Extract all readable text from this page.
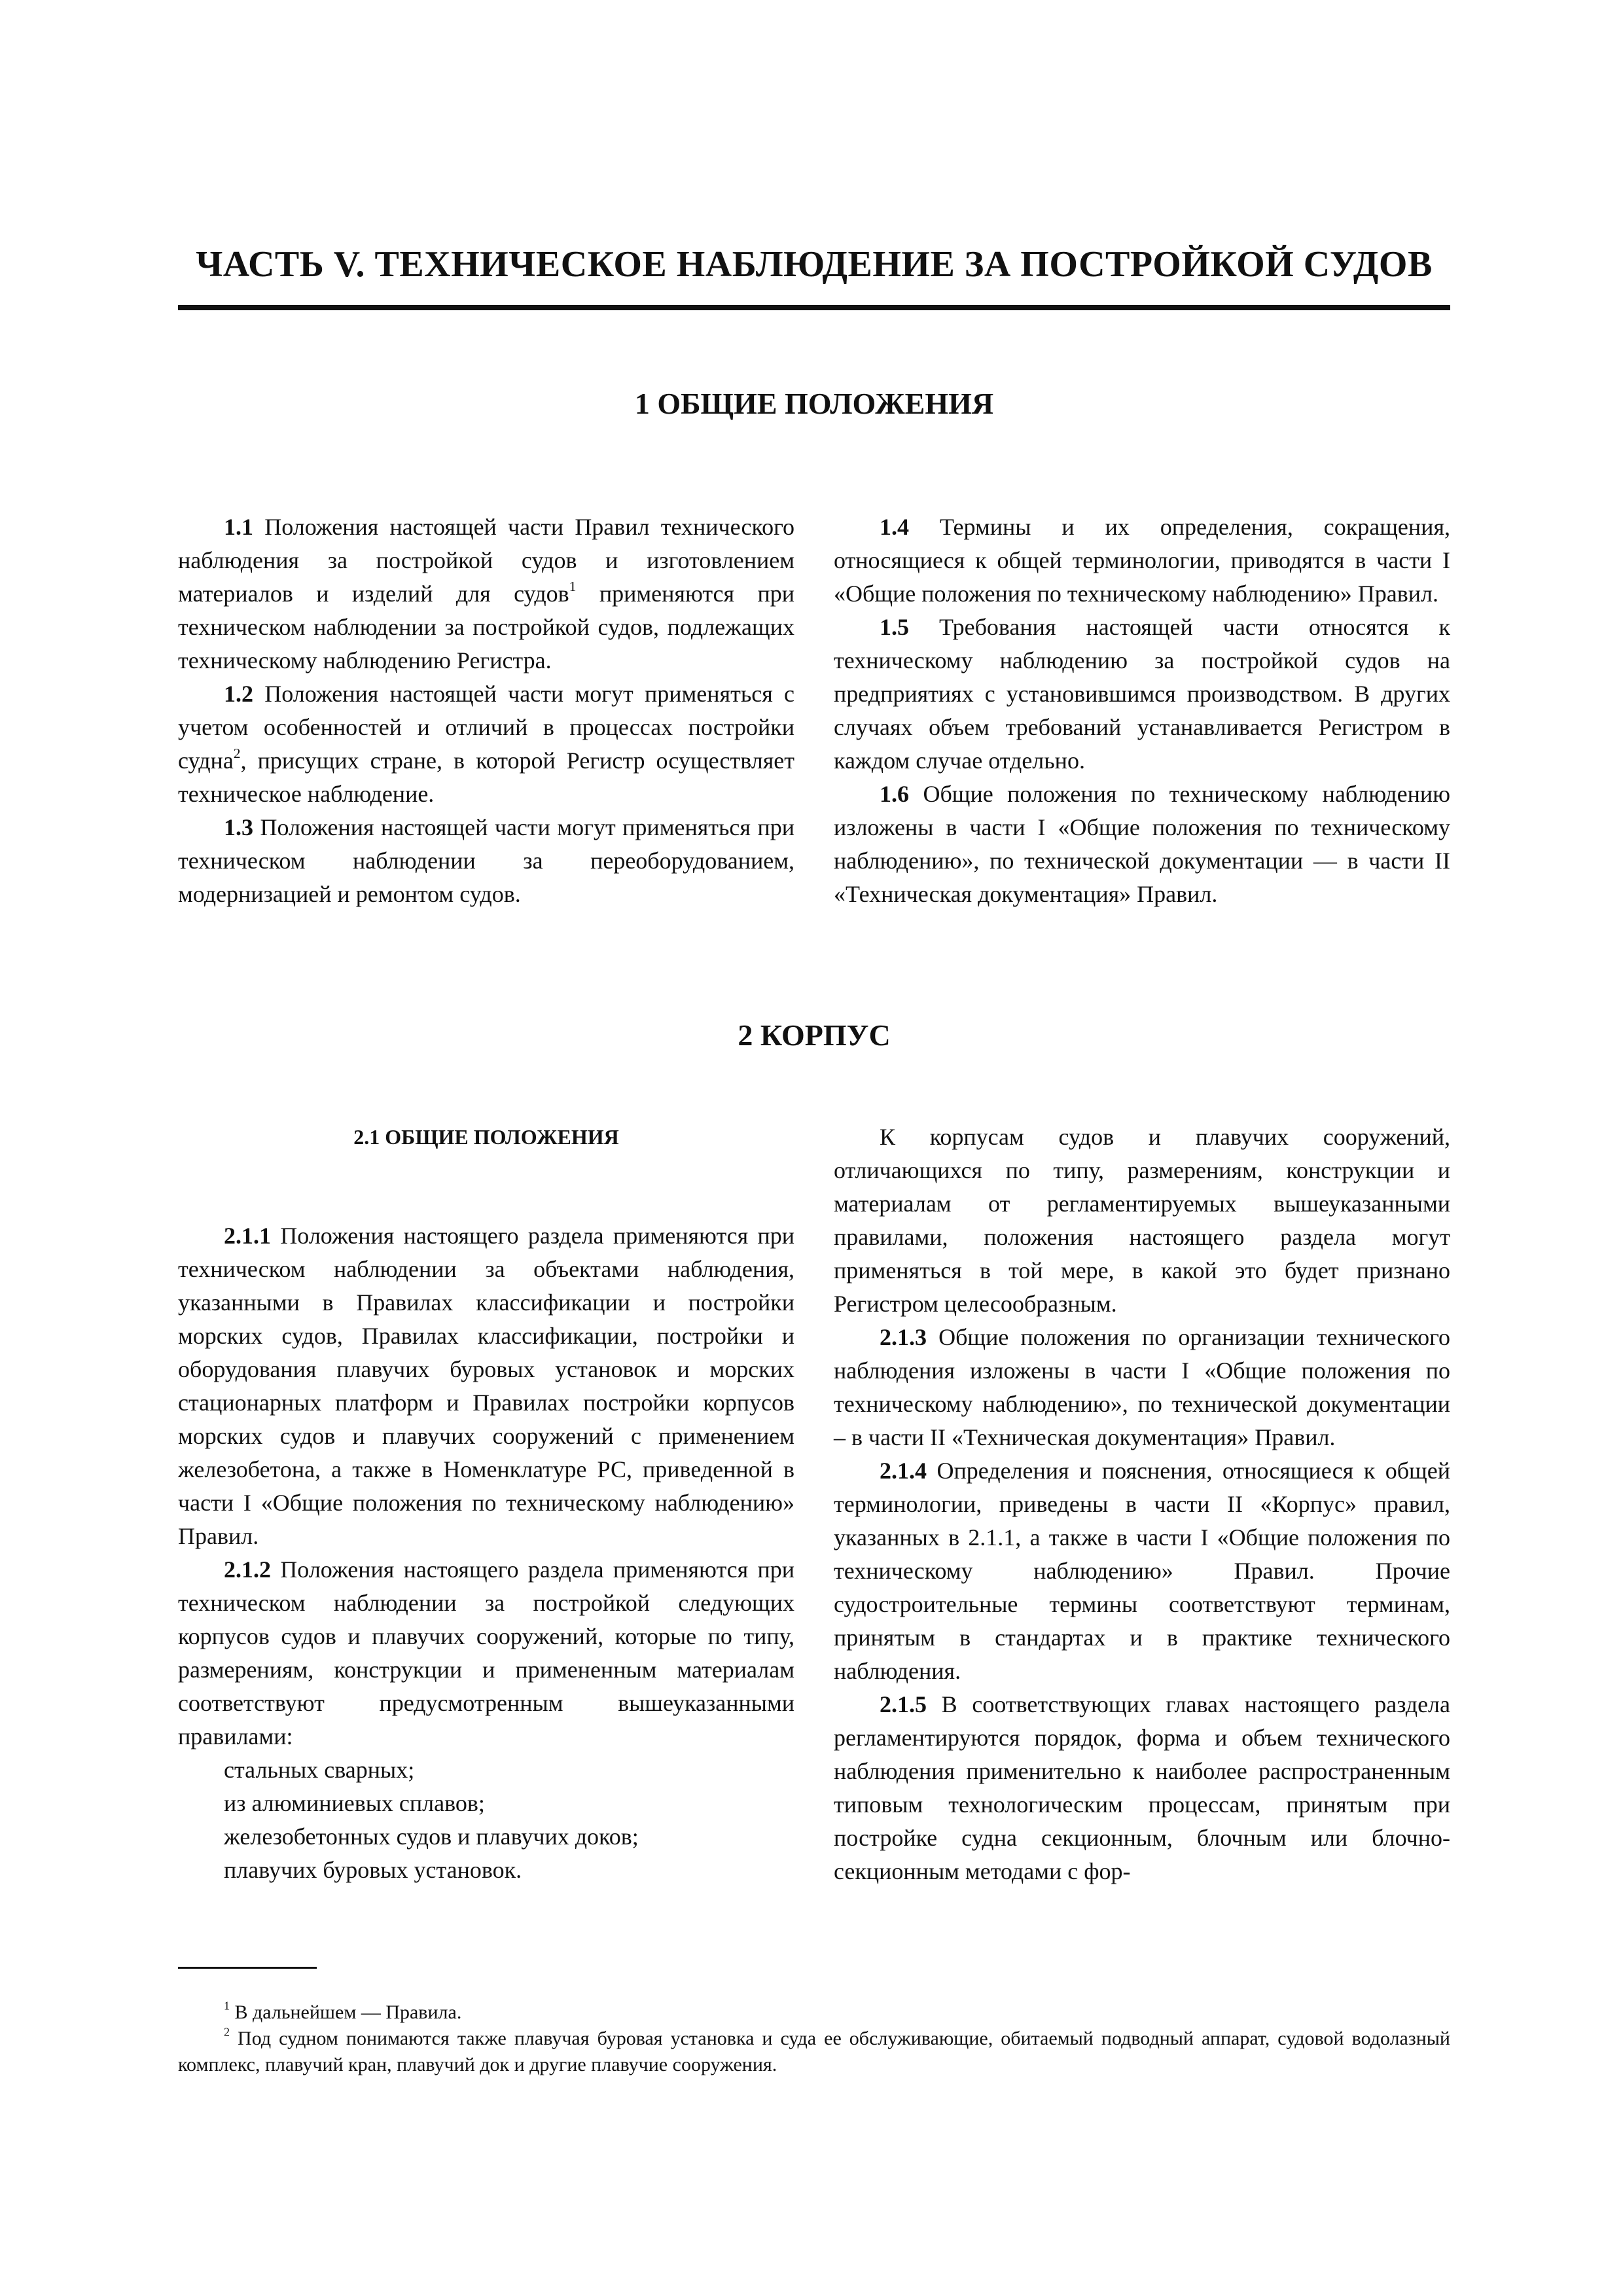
ЧАСТЬ V. ТЕХНИЧЕСКОЕ НАБЛЮДЕНИЕ ЗА ПОСТРОЙКОЙ СУДОВ
1 ОБЩИЕ ПОЛОЖЕНИЯ

1.1 Положения настоящей части Правил технического наблюдения за постройкой судов и изготовлением материалов и изделий для судов$^1$ применяются при техническом наблюдении за постройкой судов, подлежащих техническому наблюдению Регистра.

1.2 Положения настоящей части могут применяться с учетом особенностей и отличий в процессах постройки судна$^2$, присущих стране, в которой Регистр осуществляет техническое наблюдение.

1.3 Положения настоящей части могут применяться при техническом наблюдении за переоборудованием, модернизацией и ремонтом судов.

1.4 Термины и их определения, сокращения, относящиеся к общей терминологии, приводятся в части I «Общие положения по техническому наблюдению» Правил.

1.5 Требования настоящей части относятся к техническому наблюдению за постройкой судов на предприятиях с установившимся производством. В других случаях объем требований устанавливается Регистром в каждом случае отдельно.

1.6 Общие положения по техническому наблюдению изложены в части I «Общие положения по техническому наблюдению», по технической документации — в части II «Техническая документация» Правил.

2 КОРПУС
2.1 ОБЩИЕ ПОЛОЖЕНИЯ

2.1.1 Положения настоящего раздела применяются при техническом наблюдении за объектами наблюдения, указанными в Правилах классификации и постройки морских судов, Правилах классификации, постройки и оборудования плавучих буровых установок и морских стационарных платформ и Правилах постройки корпусов морских судов и плавучих сооружений с применением железобетона, а также в Номенклатуре РС, приведенной в части I «Общие положения по техническому наблюдению» Правил.

2.1.2 Положения настоящего раздела применяются при техническом наблюдении за постройкой следующих корпусов судов и плавучих сооружений, которые по типу, размерениям, конструкции и примененным материалам соответствуют предусмотренным вышеуказанными правилами:

стальных сварных;
из алюминиевых сплавов;
железобетонных судов и плавучих доков;
плавучих буровых установок.

К корпусам судов и плавучих сооружений, отличающихся по типу, размерениям, конструкции и материалам от регламентируемых вышеуказанными правилами, положения настоящего раздела могут применяться в той мере, в какой это будет признано Регистром целесообразным.

2.1.3 Общие положения по организации технического наблюдения изложены в части I «Общие положения по техническому наблюдению», по технической документации – в части II «Техническая документация» Правил.

2.1.4 Определения и пояснения, относящиеся к общей терминологии, приведены в части II «Корпус» правил, указанных в 2.1.1, а также в части I «Общие положения по техническому наблюдению» Правил. Прочие судостроительные термины соответствуют терминам, принятым в стандартах и в практике технического наблюдения.

2.1.5 В соответствующих главах настоящего раздела регламентируются порядок, форма и объем технического наблюдения применительно к наиболее распространенным типовым технологическим процессам, принятым при постройке судна секционным, блочным или блочно-секционным методами с фор-

$^1$ В дальнейшем — Правила.

$^2$ Под судном понимаются также плавучая буровая установка и суда ее обслуживающие, обитаемый подводный аппарат, судовой водолазный комплекс, плавучий кран, плавучий док и другие плавучие сооружения.
